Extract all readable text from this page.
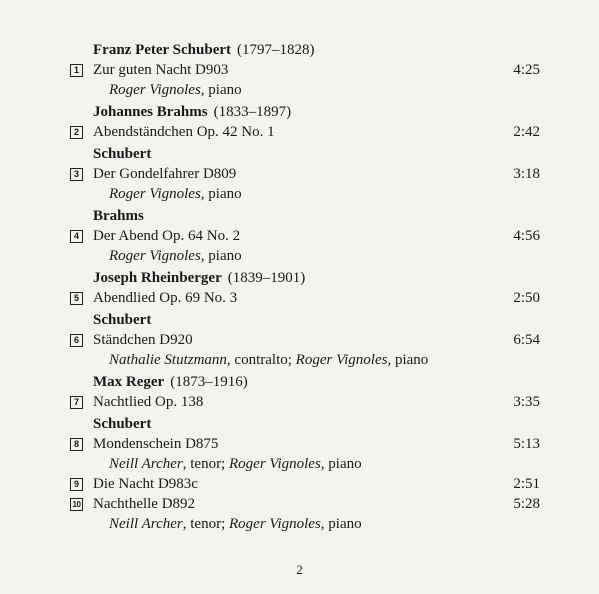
Franz Peter Schubert (1797–1828)
1 Zur guten Nacht D903	4:25
Roger Vignoles, piano
Johannes Brahms (1833–1897)
2 Abendständchen Op. 42 No. 1	2:42
Schubert
3 Der Gondelfahrer D809	3:18
Roger Vignoles, piano
Brahms
4 Der Abend Op. 64 No. 2	4:56
Roger Vignoles, piano
Joseph Rheinberger (1839–1901)
5 Abendlied Op. 69 No. 3	2:50
Schubert
6 Ständchen D920	6:54
Nathalie Stutzmann, contralto; Roger Vignoles, piano
Max Reger (1873–1916)
7 Nachtlied Op. 138	3:35
Schubert
8 Mondenschein D875	5:13
Neill Archer, tenor; Roger Vignoles, piano
9 Die Nacht D983c	2:51
10 Nachthelle D892	5:28
Neill Archer, tenor; Roger Vignoles, piano
2
